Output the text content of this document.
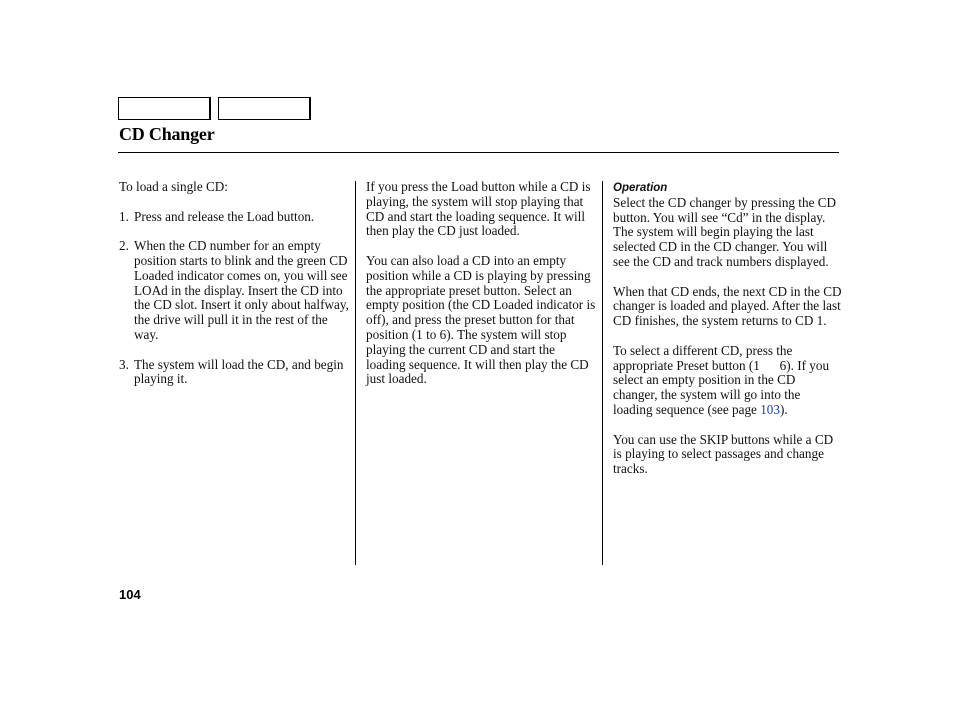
CD Changer

To load a single CD:

1. Press and release the Load button.
2. When the CD number for an empty position starts to blink and the green CD Loaded indicator comes on, you will see LOAd in the display. Insert the CD into the CD slot. Insert it only about halfway, the drive will pull it in the rest of the way.
3. The system will load the CD, and begin playing it.

If you press the Load button while a CD is playing, the system will stop playing that CD and start the loading sequence. It will then play the CD just loaded.

You can also load a CD into an empty position while a CD is playing by pressing the appropriate preset button. Select an empty position (the CD Loaded indicator is off), and press the preset button for that position (1 to 6). The system will stop playing the current CD and start the loading sequence. It will then play the CD just loaded.

Operation

Select the CD changer by pressing the CD button. You will see “Cd” in the display. The system will begin playing the last selected CD in the CD changer. You will see the CD and track numbers displayed.

When that CD ends, the next CD in the CD changer is loaded and played. After the last CD finishes, the system returns to CD 1.

To select a different CD, press the appropriate Preset button (1 6). If you select an empty position in the CD changer, the system will go into the loading sequence (see page 103).

You can use the SKIP buttons while a CD is playing to select passages and change tracks.

104
